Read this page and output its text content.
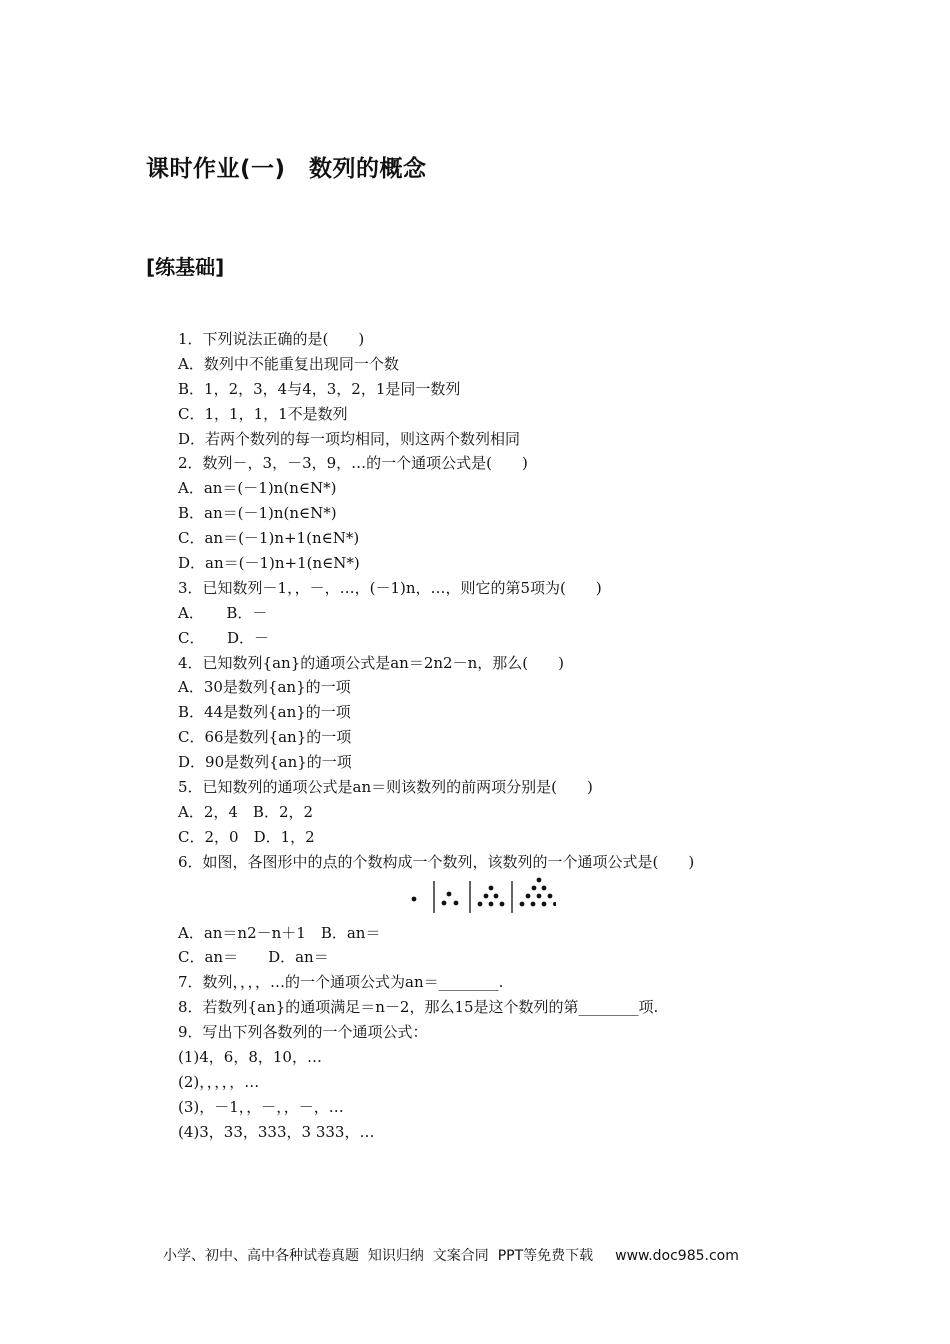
课时作业(一)　数列的概念
[练基础]
1．下列说法正确的是(　　)
A．数列中不能重复出现同一个数
B．1，2，3，4与4，3，2，1是同一数列
C．1，1，1，1不是数列
D．若两个数列的每一项均相同，则这两个数列相同
2．数列－，3，－3，9，…的一个通项公式是(　　)
A．an＝(－1)n(n∈N*)
B．an＝(－1)n(n∈N*)
C．an＝(－1)n+1(n∈N*)
D．an＝(－1)n+1(n∈N*)
3．已知数列－1，，－，…，(－1)n，…，则它的第5项为(　　)
A．　　B．－
C．　　D．－
4．已知数列{an}的通项公式是an＝2n2－n，那么(　　)
A．30是数列{an}的一项
B．44是数列{an}的一项
C．66是数列{an}的一项
D．90是数列{an}的一项
5．已知数列的通项公式是an＝则该数列的前两项分别是(　　)
A．2，4　B．2，2
C．2，0　D．1，2
6．如图，各图形中的点的个数构成一个数列，该数列的一个通项公式是(　　)
A．an＝n2－n＋1　B．an＝
C．an＝　　D．an＝
7．数列，，，，…的一个通项公式为an＝________.
8．若数列{an}的通项满足＝n－2，那么15是这个数列的第________项.
9．写出下列各数列的一个通项公式：
(1)4，6，8，10，…
(2)，，，，，…
(3)，－1，，－，，－，…
(4)3，33，333，3 333，…
小学、初中、高中各种试卷真题  知识归纳  文案合同  PPT等免费下载 www.doc985.com
